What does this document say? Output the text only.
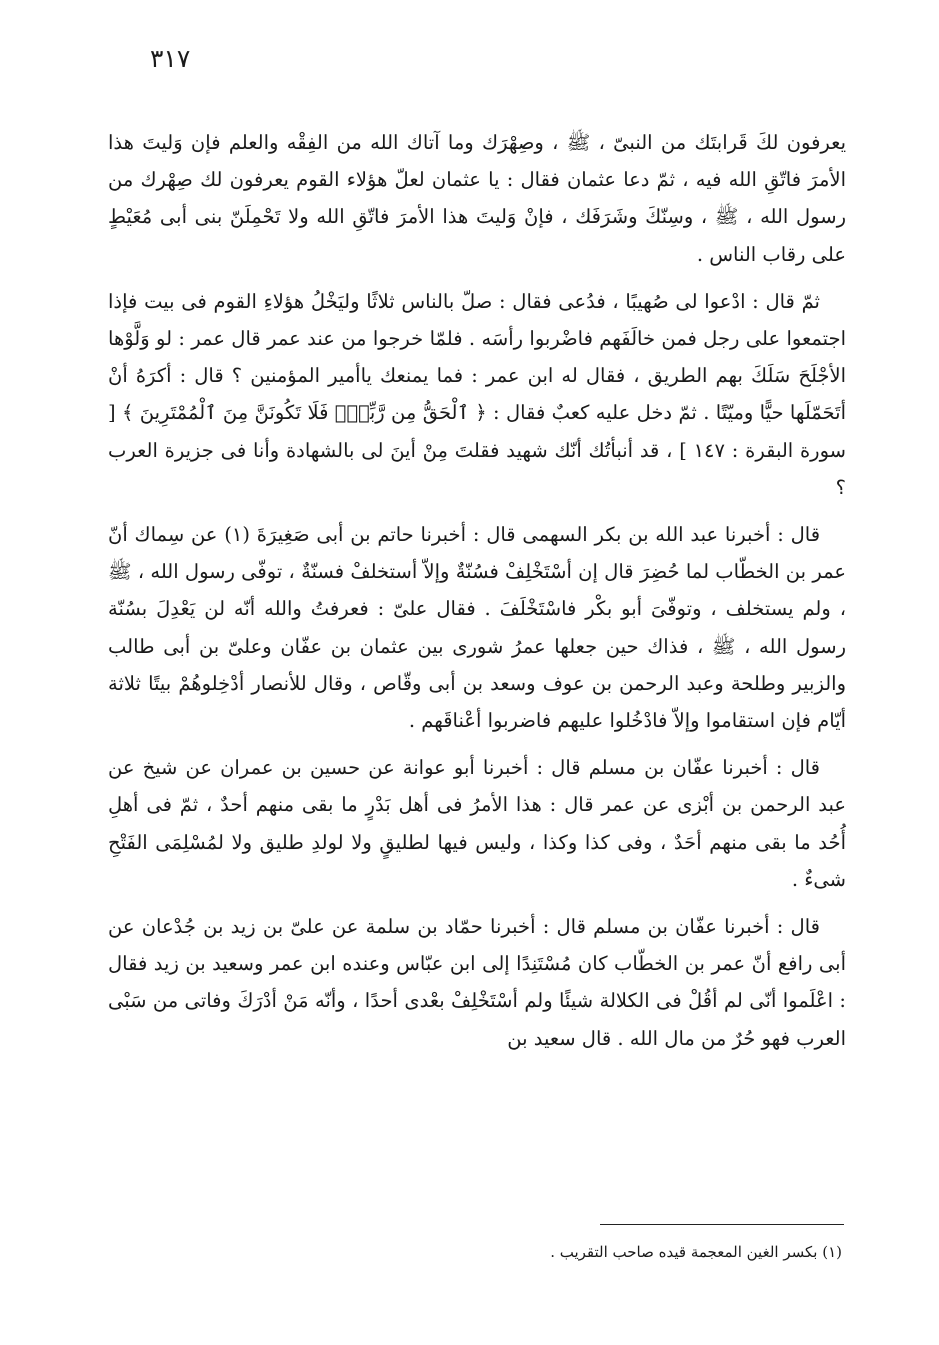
٣١٧

يعرفون لكَ قَرابتَك من النبىّ ، ﷺ ، وصِهْرَك وما آتاك الله من الفِقْه والعلم فإن وَليتَ هذا الأمرَ فاتّقِ الله فيه ، ثمّ دعا عثمان فقال : يا عثمان لعلّ هؤلاء القوم يعرفون لك صِهْرك من رسول الله ، ﷺ ، وسِنّكَ وشَرَفَك ، فإنْ وَليتَ هذا الأمرَ فاتّقِ الله ولا تَحْمِلَنّ بنى أبى مُعَيْطٍ على رقاب الناس .

ثمّ قال : ادْعوا لى صُهيبًا ، فدُعى فقال : صلّ بالناس ثلاثًا وليَخْلُ هؤلاءِ القوم فى بيت فإذا اجتمعوا على رجل فمن خالَفَهم فاضْربوا رأسَه . فلمّا خرجوا من عند عمر قال عمر : لو وَلَّوْها الأجْلَحَ سَلَكَ بهم الطريق ، فقال له ابن عمر : فما يمنعك ياأمير المؤمنين ؟ قال : أكرَهُ أنْ أتَحَمّلَها حيًّا وميّتًا . ثمّ دخل عليه كعبٌ فقال : ﴿ ٱلْحَقُّ مِن رَّبِّكَۖ فَلَا تَكُونَنَّ مِنَ ٱلْمُمْتَرِينَ ﴾ [ سورة البقرة : ١٤٧ ] ، قد أنبأتُك أنّك شهيد فقلتَ مِنْ أينَ لى بالشهادة وأنا فى جزيرة العرب ؟

قال : أخبرنا عبد الله بن بكر السهمى قال : أخبرنا حاتم بن أبى صَغِيرَةَ (١) عن سِماك أنّ عمر بن الخطّاب لما حُضِرَ قال إن أسْتَخْلِفْ فسُنّةٌ وإلاّ أستخلفْ فسنّةٌ ، توفّى رسول الله ، ﷺ ، ولم يستخلف ، وتوفّىَ أبو بكْر فاسْتَخْلَفَ . فقال علىّ : فعرفتُ والله أنّه لن يَعْدِلَ بسُنّة رسول الله ، ﷺ ، فذاك حين جعلها عمرُ شورى بين عثمان بن عفّان وعلىّ بن أبى طالب والزبير وطلحة وعبد الرحمن بن عوف وسعد بن أبى وقّاص ، وقال للأنصار أدْخِلوهُمْ بيتًا ثلاثة أيّام فإن استقاموا وإلاّ فادْخُلوا عليهم فاضربوا أعْناقَهم .

قال : أخبرنا عفّان بن مسلم قال : أخبرنا أبو عوانة عن حسين بن عمران عن شيخ عن عبد الرحمن بن أبْزى عن عمر قال : هذا الأمرُ فى أهل بَدْرٍ ما بقى منهم أحدٌ ، ثمّ فى أهلِ أُحُد ما بقى منهم أحَدٌ ، وفى كذا وكذا ، وليس فيها لطليقٍ ولا لولدِ طليق ولا لمُسْلِمَى الفَتْحِ شىءٌ .

قال : أخبرنا عفّان بن مسلم قال : أخبرنا حمّاد بن سلمة عن علىّ بن زيد بن جُدْعان عن أبى رافع أنّ عمر بن الخطّاب كان مُسْتَنِدًا إلى ابن عبّاس وعنده ابن عمر وسعيد بن زيد فقال : اعْلَموا أنّى لم أقُلْ فى الكلالة شيئًا ولم أسْتَخْلِفْ بعْدى أحدًا ، وأنّه مَنْ أدْرَكَ وفاتى من سَبْى العرب فهو حُرٌ من مال الله . قال سعيد بن

(١) بكسر الغين المعجمة قيده صاحب التقريب .
